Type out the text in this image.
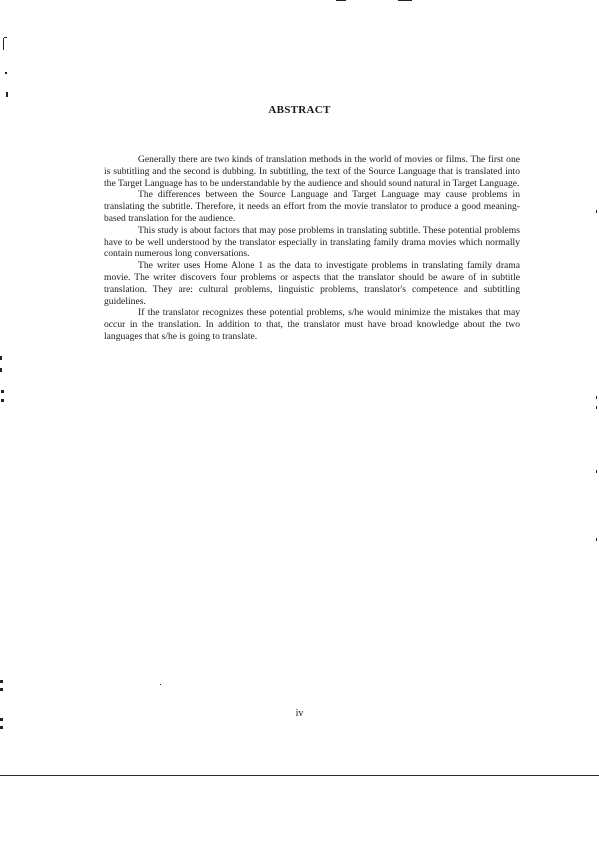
ABSTRACT

Generally there are two kinds of translation methods in the world of movies or films. The first one is subtitling and the second is dubbing. In subtitling, the text of the Source Language that is translated into the Target Language has to be understandable by the audience and should sound natural in Target Language.

The differences between the Source Language and Target Language may cause problems in translating the subtitle. Therefore, it needs an effort from the movie translator to produce a good meaning-based translation for the audience.

This study is about factors that may pose problems in translating subtitle. These potential problems have to be well understood by the translator especially in translating family drama movies which normally contain numerous long conversations.

The writer uses Home Alone 1 as the data to investigate problems in translating family drama movie. The writer discovers four problems or aspects that the translator should be aware of in subtitle translation. They are: cultural problems, linguistic problems, translator's competence and subtitling guidelines.

If the translator recognizes these potential problems, s/he would minimize the mistakes that may occur in the translation. In addition to that, the translator must have broad knowledge about the two languages that s/he is going to translate.

iv
